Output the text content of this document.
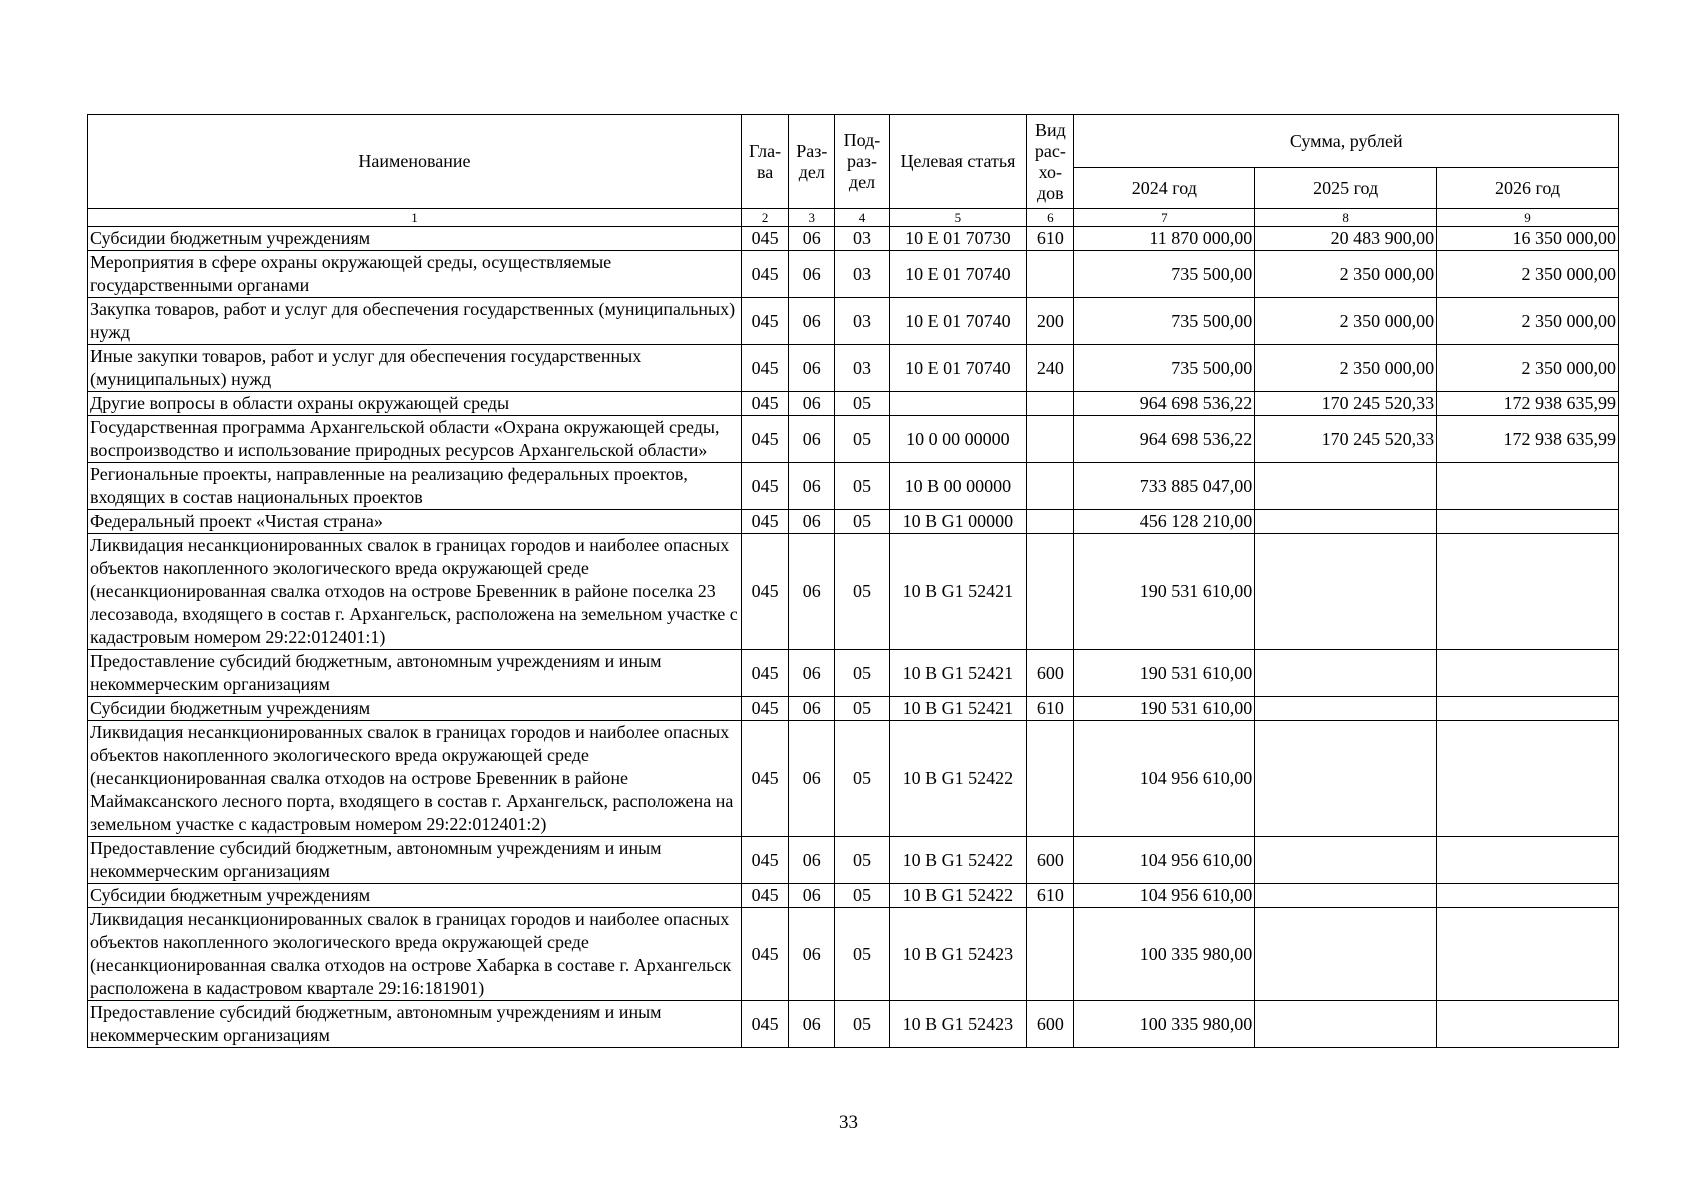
Наименование	Гла-ва	Раз-дел	Под-раз-дел	Целевая статья	Вид рас-хо-дов	Сумма, рублей		
						2024 год	2025 год	2026 год
1	2	3	4	5	6	7	8	9
Субсидии бюджетным учреждениям	045	06	03	10 Е 01 70730	610	11 870 000,00	20 483 900,00	16 350 000,00
Мероприятия в сфере охраны окружающей среды, осуществляемые государственными органами	045	06	03	10 Е 01 70740		735 500,00	2 350 000,00	2 350 000,00
Закупка товаров, работ и услуг для обеспечения государственных (муниципальных) нужд	045	06	03	10 Е 01 70740	200	735 500,00	2 350 000,00	2 350 000,00
Иные закупки товаров, работ и услуг для обеспечения государственных (муниципальных) нужд	045	06	03	10 Е 01 70740	240	735 500,00	2 350 000,00	2 350 000,00
Другие вопросы в области охраны окружающей среды	045	06	05			964 698 536,22	170 245 520,33	172 938 635,99
Государственная программа Архангельской области «Охрана окружающей среды, воспроизводство и использование природных ресурсов Архангельской области»	045	06	05	10 0 00 00000		964 698 536,22	170 245 520,33	172 938 635,99
Региональные проекты, направленные на реализацию федеральных проектов, входящих в состав национальных проектов	045	06	05	10 В 00 00000		733 885 047,00		
Федеральный проект «Чистая страна»	045	06	05	10 В G1 00000		456 128 210,00		
Ликвидация несанкционированных свалок в границах городов и наиболее опасных объектов накопленного экологического вреда окружающей среде (несанкционированная свалка отходов на острове Бревенник в районе поселка 23 лесозавода, входящего в состав г. Архангельск, расположена на земельном участке с кадастровым номером 29:22:012401:1)	045	06	05	10 В G1 52421		190 531 610,00		
Предоставление субсидий бюджетным, автономным учреждениям и иным некоммерческим организациям	045	06	05	10 В G1 52421	600	190 531 610,00		
Субсидии бюджетным учреждениям	045	06	05	10 В G1 52421	610	190 531 610,00		
Ликвидация несанкционированных свалок в границах городов и наиболее опасных объектов накопленного экологического вреда окружающей среде (несанкционированная свалка отходов на острове Бревенник в районе Маймаксанского лесного порта, входящего в состав г. Архангельск, расположена на земельном участке с кадастровым номером 29:22:012401:2)	045	06	05	10 В G1 52422		104 956 610,00		
Предоставление субсидий бюджетным, автономным учреждениям и иным некоммерческим организациям	045	06	05	10 В G1 52422	600	104 956 610,00		
Субсидии бюджетным учреждениям	045	06	05	10 В G1 52422	610	104 956 610,00		
Ликвидация несанкционированных свалок в границах городов и наиболее опасных объектов накопленного экологического вреда окружающей среде (несанкционированная свалка отходов на острове Хабарка в составе г. Архангельск расположена в кадастровом квартале 29:16:181901)	045	06	05	10 В G1 52423		100 335 980,00		
Предоставление субсидий бюджетным, автономным учреждениям и иным некоммерческим организациям	045	06	05	10 В G1 52423	600	100 335 980,00		
33
